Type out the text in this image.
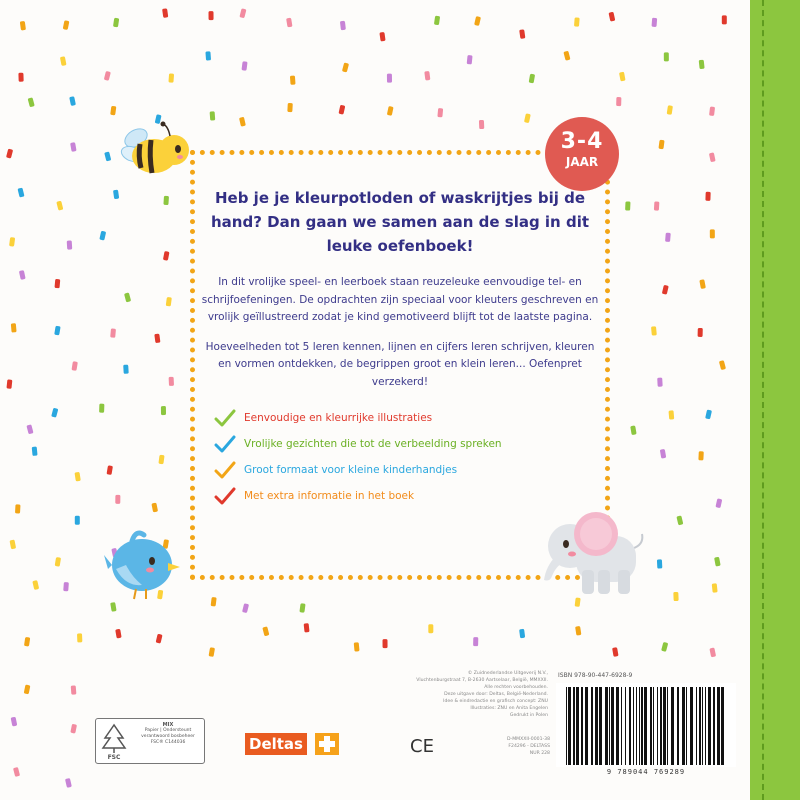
3-4
JAAR

Heb je je kleurpotloden of waskrijtjes bij de hand? Dan gaan we samen aan de slag in dit leuke oefenboek!

In dit vrolijke speel- en leerboek staan reuzeleuke eenvoudige tel- en schrijfoefeningen. De opdrachten zijn speciaal voor kleuters geschreven en vrolijk geïllustreerd zodat je kind gemotiveerd blijft tot de laatste pagina.

Hoeveelheden tot 5 leren kennen, lijnen en cijfers leren schrijven, kleuren en vormen ontdekken, de begrippen groot en klein leren... Oefenpret verzekerd!

Eenvoudige en kleurrijke illustraties
Vrolijke gezichten die tot de verbeelding spreken
Groot formaat voor kleine kinderhandjes
Met extra informatie in het boek
© Zuidnederlandse Uitgeverij N.V.,
Vluchtenburgstraat 7, B-2630 Aartselaar, België, MMXXII.
Alle rechten voorbehouden.
Deze uitgave door: Deltas, België-Nederland.
Idee & eindredactie en grafisch concept: ZNU
Illustraties: ZNU en Anita Engelen
Gedrukt in Polen
D-MMXXII-0001-38
F24296 - DELTASS
NUR 228
ISBN 978-90-447-6928-9
9 789044 769289
FSC
MIX
Papier | Ondersteunt verantwoord bosbeheer
FSC® C144036	Deltas	CE
